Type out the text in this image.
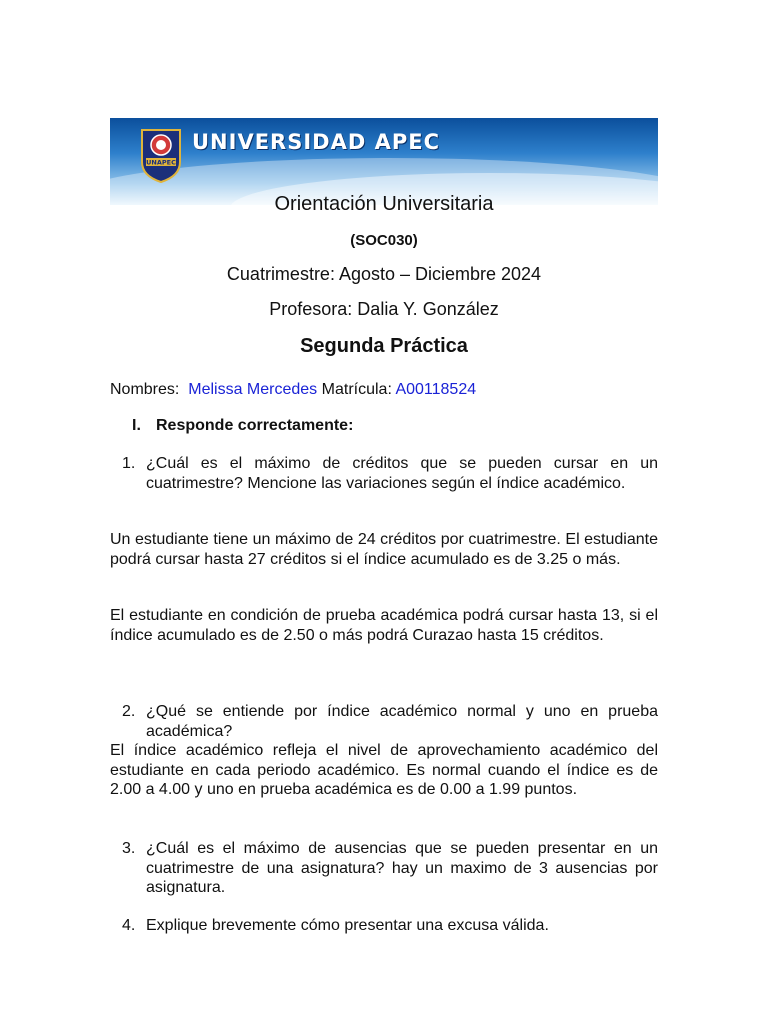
UNAPEC
UNIVERSIDAD APEC
Orientación Universitaria
(SOC030)
Cuatrimestre: Agosto – Diciembre 2024
Profesora: Dalia Y. González
Segunda Práctica
Nombres: Melissa Mercedes Matrícula: A00118524
I. Responde correctamente:
1. ¿Cuál es el máximo de créditos que se pueden cursar en un cuatrimestre? Mencione las variaciones según el índice académico.
Un estudiante tiene un máximo de 24 créditos por cuatrimestre. El estudiante podrá cursar hasta 27 créditos si el índice acumulado es de 3.25 o más.
El estudiante en condición de prueba académica podrá cursar hasta 13, si el índice acumulado es de 2.50 o más podrá Curazao hasta 15 créditos.
2. ¿Qué se entiende por índice académico normal y uno en prueba académica?
El índice académico refleja el nivel de aprovechamiento académico del estudiante en cada periodo académico. Es normal cuando el índice es de 2.00 a 4.00 y uno en prueba académica es de 0.00 a 1.99 puntos.
3. ¿Cuál es el máximo de ausencias que se pueden presentar en un cuatrimestre de una asignatura? hay un maximo de 3 ausencias por asignatura.
4. Explique brevemente cómo presentar una excusa válida.
